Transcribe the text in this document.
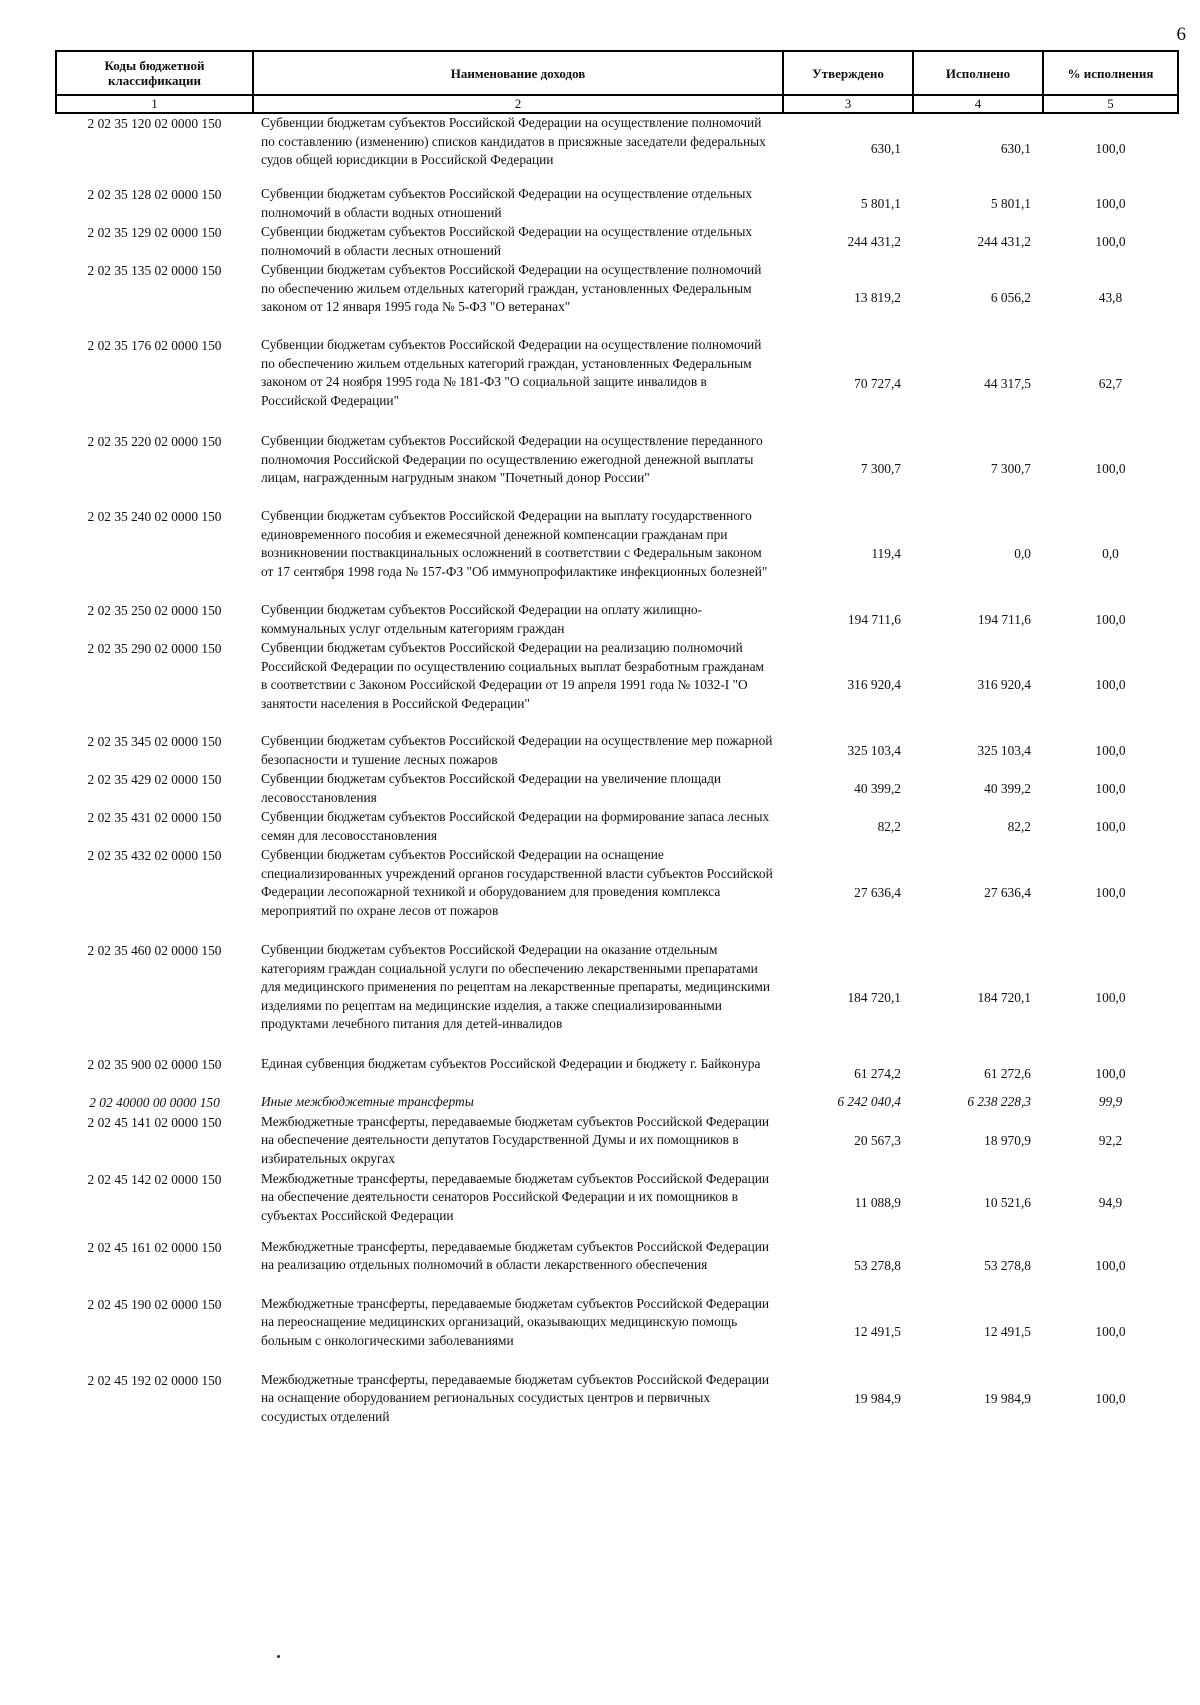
6
Коды бюджетной классификации	Наименование доходов	Утверждено	Исполнено	% исполнения
1	2	3	4	5
2 02 35 120 02 0000 150	Субвенции бюджетам субъектов Российской Федерации на осуществление полномочий по составлению (изменению) списков кандидатов в присяжные заседатели федеральных судов общей юрисдикции в Российской Федерации	630,1	630,1	100,0
2 02 35 128 02 0000 150	Субвенции бюджетам субъектов Российской Федерации на осуществление отдельных полномочий в области водных отношений	5 801,1	5 801,1	100,0
2 02 35 129 02 0000 150	Субвенции бюджетам субъектов Российской Федерации на осуществление отдельных полномочий в области лесных отношений	244 431,2	244 431,2	100,0
2 02 35 135 02 0000 150	Субвенции бюджетам субъектов Российской Федерации на осуществление полномочий по обеспечению жильем отдельных категорий граждан, установленных Федеральным законом от 12 января 1995 года № 5-ФЗ "О ветеранах"	13 819,2	6 056,2	43,8
2 02 35 176 02 0000 150	Субвенции бюджетам субъектов Российской Федерации на осуществление полномочий по обеспечению жильем отдельных категорий граждан, установленных Федеральным законом от 24 ноября 1995 года № 181-ФЗ "О социальной защите инвалидов в Российской Федерации"	70 727,4	44 317,5	62,7
2 02 35 220 02 0000 150	Субвенции бюджетам субъектов Российской Федерации на осуществление переданного полномочия Российской Федерации по осуществлению ежегодной денежной выплаты лицам, награжденным нагрудным знаком "Почетный донор России"	7 300,7	7 300,7	100,0
2 02 35 240 02 0000 150	Субвенции бюджетам субъектов Российской Федерации на выплату государственного единовременного пособия и ежемесячной денежной компенсации гражданам при возникновении поствакцинальных осложнений в соответствии с Федеральным законом от 17 сентября 1998 года № 157-ФЗ "Об иммунопрофилактике инфекционных болезней"	119,4	0,0	0,0
2 02 35 250 02 0000 150	Субвенции бюджетам субъектов Российской Федерации на оплату жилищно-коммунальных услуг отдельным категориям граждан	194 711,6	194 711,6	100,0
2 02 35 290 02 0000 150	Субвенции бюджетам субъектов Российской Федерации на реализацию полномочий Российской Федерации по осуществлению социальных выплат безработным гражданам в соответствии с Законом Российской Федерации от 19 апреля 1991 года № 1032-I "О занятости населения в Российской Федерации"	316 920,4	316 920,4	100,0
2 02 35 345 02 0000 150	Субвенции бюджетам субъектов Российской Федерации на осуществление мер пожарной безопасности и тушение лесных пожаров	325 103,4	325 103,4	100,0
2 02 35 429 02 0000 150	Субвенции бюджетам субъектов Российской Федерации на увеличение площади лесовосстановления	40 399,2	40 399,2	100,0
2 02 35 431 02 0000 150	Субвенции бюджетам субъектов Российской Федерации на формирование запаса лесных семян для лесовосстановления	82,2	82,2	100,0
2 02 35 432 02 0000 150	Субвенции бюджетам субъектов Российской Федерации на оснащение специализированных учреждений органов государственной власти субъектов Российской Федерации лесопожарной техникой и оборудованием для проведения комплекса мероприятий по охране лесов от пожаров	27 636,4	27 636,4	100,0
2 02 35 460 02 0000 150	Субвенции бюджетам субъектов Российской Федерации на оказание отдельным категориям граждан социальной услуги по обеспечению лекарственными препаратами для медицинского применения по рецептам на лекарственные препараты, медицинскими изделиями по рецептам на медицинские изделия, а также специализированными продуктами лечебного питания для детей-инвалидов	184 720,1	184 720,1	100,0
2 02 35 900 02 0000 150	Единая субвенция бюджетам субъектов Российской Федерации и бюджету г. Байконура	61 274,2	61 272,6	100,0
2 02 40000 00 0000 150	Иные межбюджетные трансферты	6 242 040,4	6 238 228,3	99,9
2 02 45 141 02 0000 150	Межбюджетные трансферты, передаваемые бюджетам субъектов Российской Федерации на обеспечение деятельности депутатов Государственной Думы и их помощников в избирательных округах	20 567,3	18 970,9	92,2
2 02 45 142 02 0000 150	Межбюджетные трансферты, передаваемые бюджетам субъектов Российской Федерации на обеспечение деятельности сенаторов Российской Федерации и их помощников в субъектах Российской Федерации	11 088,9	10 521,6	94,9
2 02 45 161 02 0000 150	Межбюджетные трансферты, передаваемые бюджетам субъектов Российской Федерации на реализацию отдельных полномочий в области лекарственного обеспечения	53 278,8	53 278,8	100,0
2 02 45 190 02 0000 150	Межбюджетные трансферты, передаваемые бюджетам субъектов Российской Федерации на переоснащение медицинских организаций, оказывающих медицинскую помощь больным с онкологическими заболеваниями	12 491,5	12 491,5	100,0
2 02 45 192 02 0000 150	Межбюджетные трансферты, передаваемые бюджетам субъектов Российской Федерации на оснащение оборудованием региональных сосудистых центров и первичных сосудистых отделений	19 984,9	19 984,9	100,0
